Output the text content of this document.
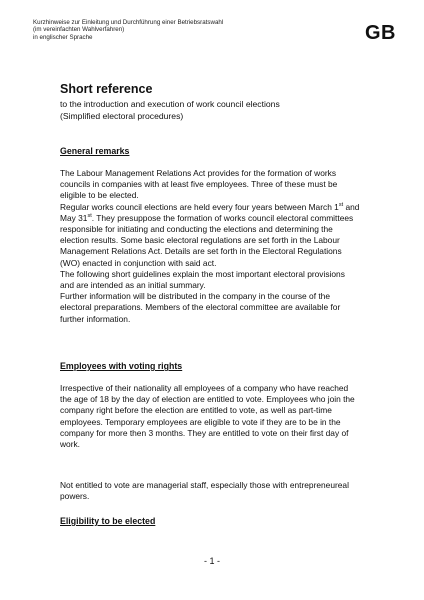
Kurzhinweise zur Einleitung und Durchführung einer Betriebsratswahl
(im vereinfachten Wahlverfahren)
in englischer Sprache	GB
Short reference
to the introduction and execution of work council elections
(Simplified electoral procedures)
General remarks

The Labour Management Relations Act provides for the formation of works councils in companies with at least five employees. Three of these must be eligible to be elected.

Regular works council elections are held every four years between March 1st and May 31st. They presuppose the formation of works council electoral committees responsible for initiating and conducting the elections and determining the election results. Some basic electoral regulations are set forth in the Labour Management Relations Act. Details are set forth in the Electoral Regulations (WO) enacted in conjunction with said act.

The following short guidelines explain the most important electoral provisions and are intended as an initial summary.

Further information will be distributed in the company in the course of the electoral preparations. Members of the electoral committee are available for further information.

Employees with voting rights
Irrespective of their nationality all employees of a company who have reached the age of 18 by the day of election are entitled to vote. Employees who join the company right before the election are entitled to vote, as well as part-time employees. Temporary employees are eligible to vote if they are to be in the company for more then 3 months. They are entitled to vote on their first day of work.
Not entitled to vote are managerial staff, especially those with entrepreneureal powers.
Eligibility to be elected
- 1 -
